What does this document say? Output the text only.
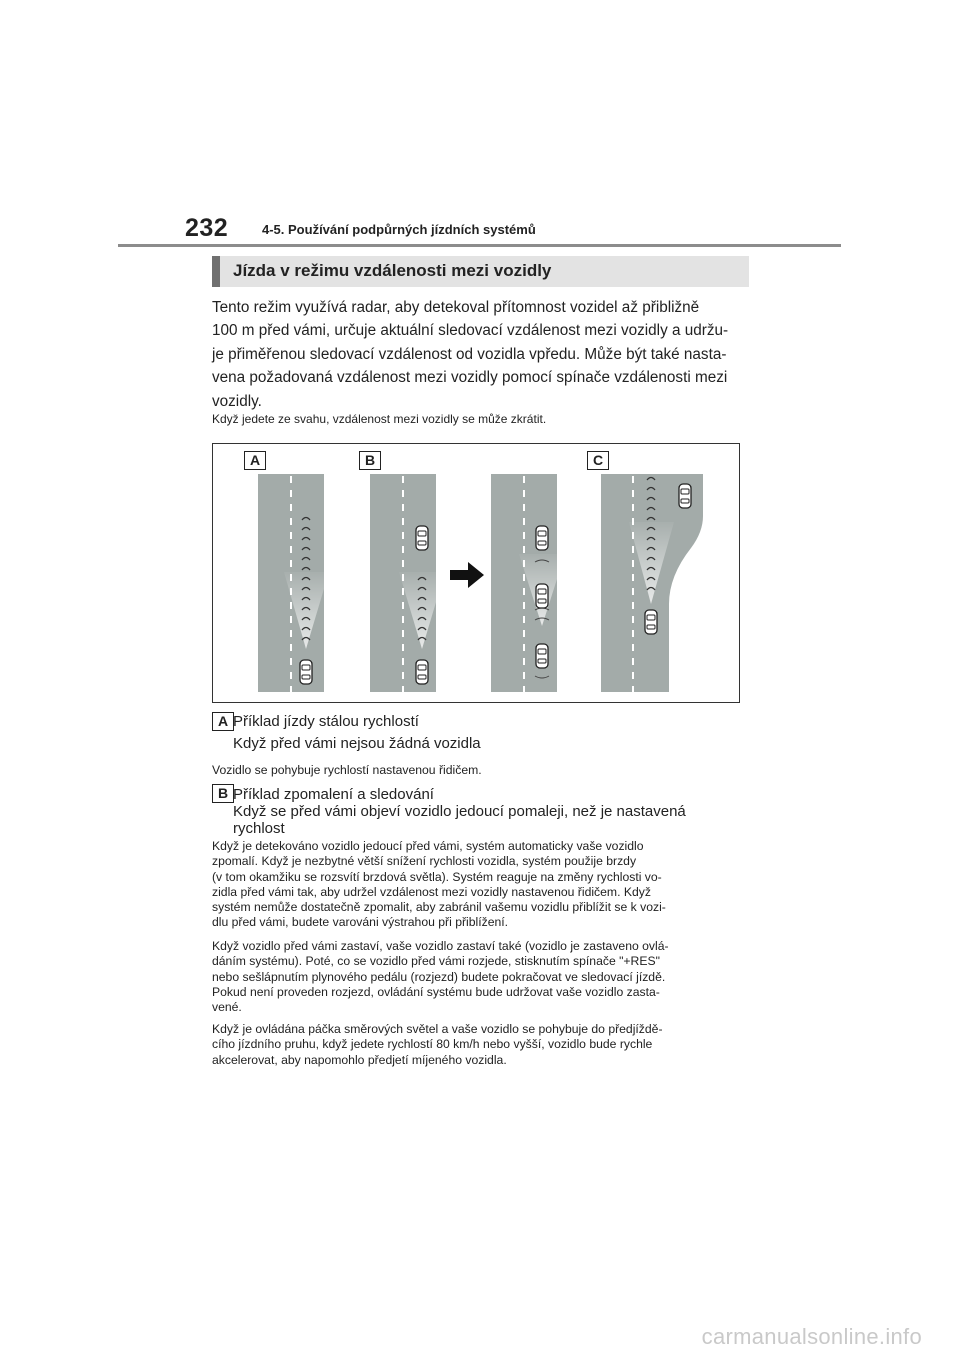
232	4-5. Používání podpůrných jízdních systémů
Jízda v režimu vzdálenosti mezi vozidly

Tento režim využívá radar, aby detekoval přítomnost vozidel až přibližně

100 m před vámi, určuje aktuální sledovací vzdálenost mezi vozidly a udržu-

je přiměřenou sledovací vzdálenost od vozidla vpředu. Může být také nasta-

vena požadovaná vzdálenost mezi vozidly pomocí spínače vzdálenosti mezi

vozidly.

Když jedete ze svahu, vzdálenost mezi vozidly se může zkrátit.
A	B	C
A Příklad jízdy stálou rychlostí
Když před vámi nejsou žádná vozidla
Vozidlo se pohybuje rychlostí nastavenou řidičem.
B Příklad zpomalení a sledování
Když se před vámi objeví vozidlo jedoucí pomaleji, než je nastavená
rychlost

Když je detekováno vozidlo jedoucí před vámi, systém automaticky vaše vozidlo

zpomalí. Když je nezbytné větší snížení rychlosti vozidla, systém použije brzdy

(v tom okamžiku se rozsvítí brzdová světla). Systém reaguje na změny rychlosti vo-

zidla před vámi tak, aby udržel vzdálenost mezi vozidly nastavenou řidičem. Když

systém nemůže dostatečně zpomalit, aby zabránil vašemu vozidlu přiblížit se k vozi-

dlu před vámi, budete varováni výstrahou při přiblížení.

Když vozidlo před vámi zastaví, vaše vozidlo zastaví také (vozidlo je zastaveno ovlá-

dáním systému). Poté, co se vozidlo před vámi rozjede, stisknutím spínače "+RES"

nebo sešlápnutím plynového pedálu (rozjezd) budete pokračovat ve sledovací jízdě.

Pokud není proveden rozjezd, ovládání systému bude udržovat vaše vozidlo zasta-

vené.

Když je ovládána páčka směrových světel a vaše vozidlo se pohybuje do předjíždě-

cího jízdního pruhu, když jedete rychlostí 80 km/h nebo vyšší, vozidlo bude rychle

akcelerovat, aby napomohlo předjetí míjeného vozidla.

carmanualsonline.info
